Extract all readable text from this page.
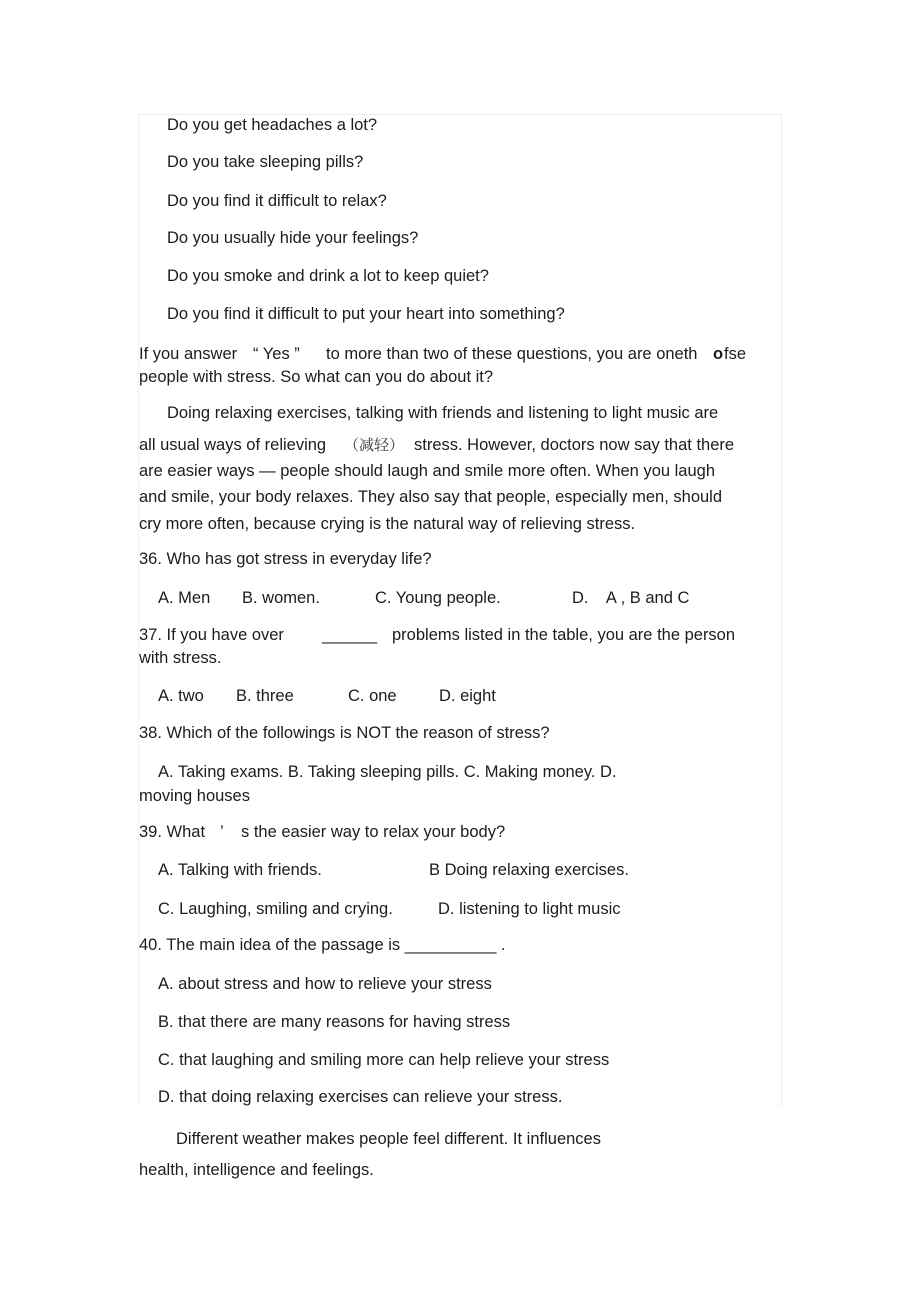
Do you get headaches a lot?
Do you take sleeping pills?
Do you find it difficult to relax?
Do you usually hide your feelings?
Do you smoke and drink a lot to keep quiet?
Do you find it difficult to put your heart into something?
If you answer “ Yes ” to more than two of these questions, you are oneth o fse
people with stress. So what can you do about it?
Doing relaxing exercises, talking with friends and listening to light music are
all usual ways of relieving （减轻） stress. However, doctors now say that there
are easier ways — people should laugh and smile more often. When you laugh
and smile, your body relaxes. They also say that people, especially men, should
cry more often, because crying is the natural way of relieving stress.
36. Who has got stress in everyday life?
A. Men B. women.	C. Young people.	D.    A , B and C
37. If you have over ______ problems listed in the table, you are the person
with stress.
A. two B. three	C. one	D. eight
38. Which of the followings is NOT the reason of stress?
A. Taking exams. B. Taking sleeping pills. C. Making money. D.
moving houses
39. What ’ s the easier way to relax your body?
A. Talking with friends.	B Doing relaxing exercises.
C. Laughing, smiling and crying.	D. listening to light music
40. The main idea of the passage is __________ .
A. about stress and how to relieve your stress
B. that there are many reasons for having stress
C. that laughing and smiling more can help relieve your stress
D. that doing relaxing exercises can relieve your stress.
Different weather makes people feel different. It influences
health, intelligence and feelings.
